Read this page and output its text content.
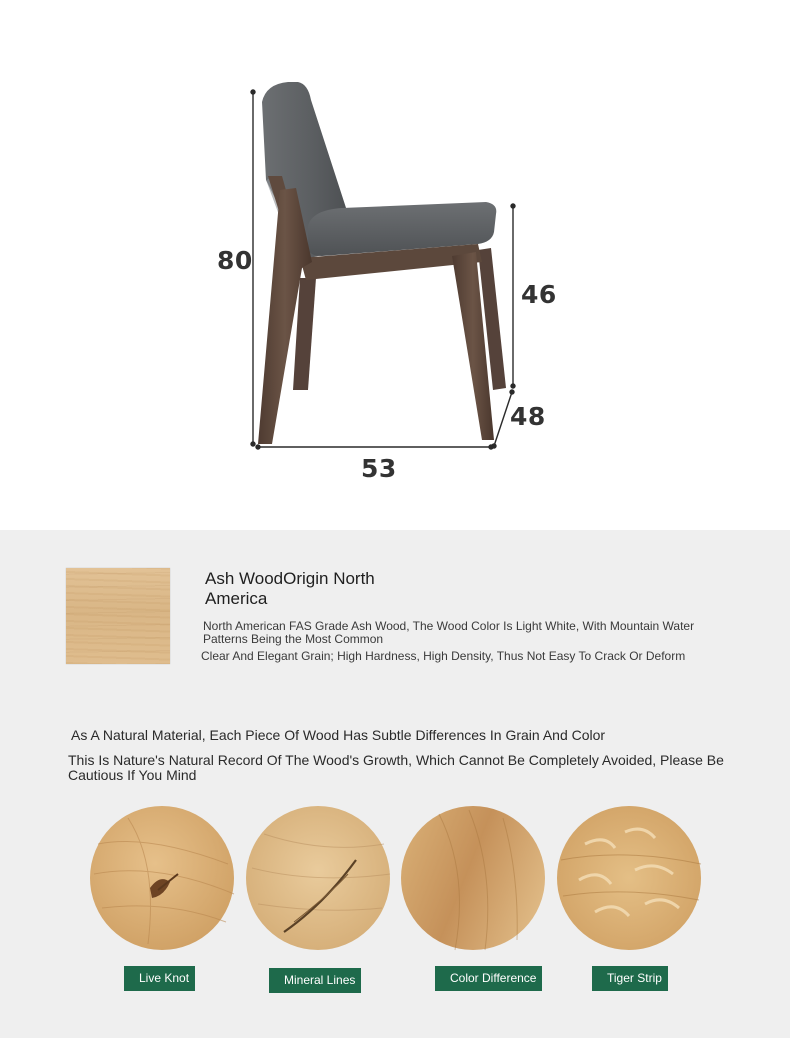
80
46
48
53
Ash WoodOrigin North America
North American FAS Grade Ash Wood, The Wood Color Is Light White, With Mountain Water Patterns Being the Most Common
Clear And Elegant Grain; High Hardness, High Density, Thus Not Easy To Crack Or Deform
As A Natural Material, Each Piece Of Wood Has Subtle Differences In Grain And Color
This Is Nature's Natural Record Of The Wood's Growth, Which Cannot Be Completely Avoided, Please Be Cautious If You Mind
Live Knot	Mineral Lines	Color Difference	Tiger Strip
